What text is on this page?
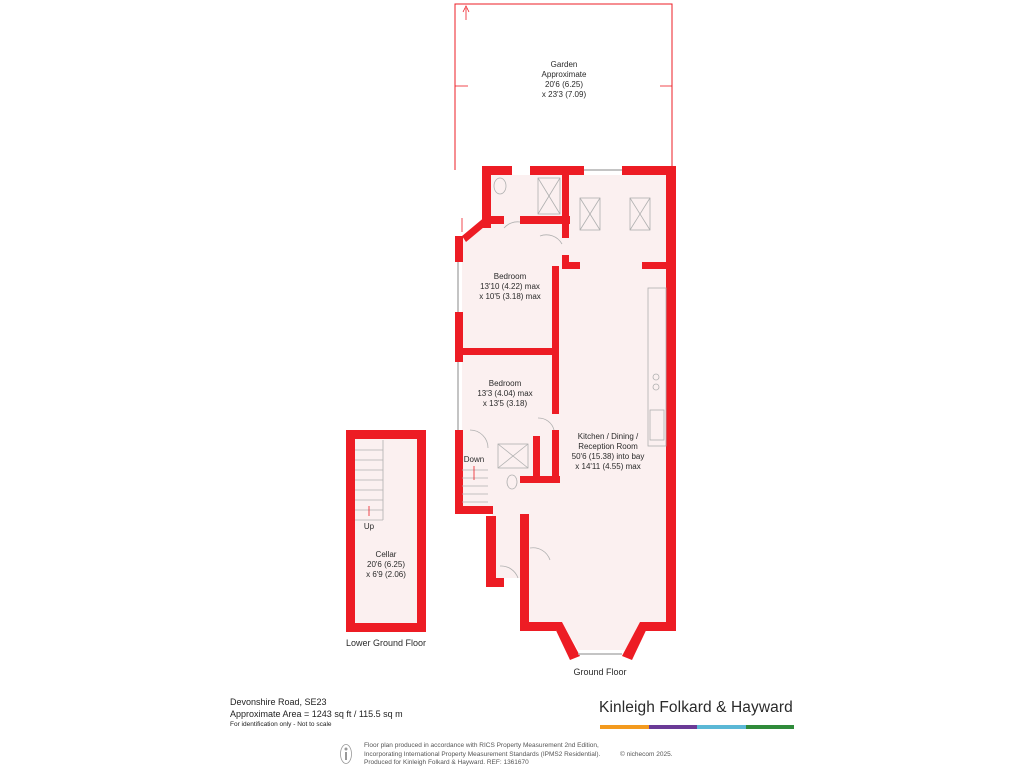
Garden
Approximate
20'6 (6.25)
x 23'3 (7.09)
Bedroom
13'10 (4.22) max
x 10'5 (3.18) max
Bedroom
13'3 (4.04) max
x 13'5 (3.18)
Kitchen / Dining /
Reception Room
50'6 (15.38) into bay
x 14'11 (4.55) max
Cellar
20'6 (6.25)
x 6'9 (2.06)
Down
Up
Ground Floor
Lower Ground Floor
Devonshire Road, SE23
Approximate Area = 1243 sq ft / 115.5 sq m
For identification only - Not to scale
Kinleigh Folkard & Hayward
Floor plan produced in accordance with RICS Property Measurement 2nd Edition,
Incorporating International Property Measurement Standards (IPMS2 Residential).
Produced for Kinleigh Folkard & Hayward. REF: 1361670
© nichecom 2025.
